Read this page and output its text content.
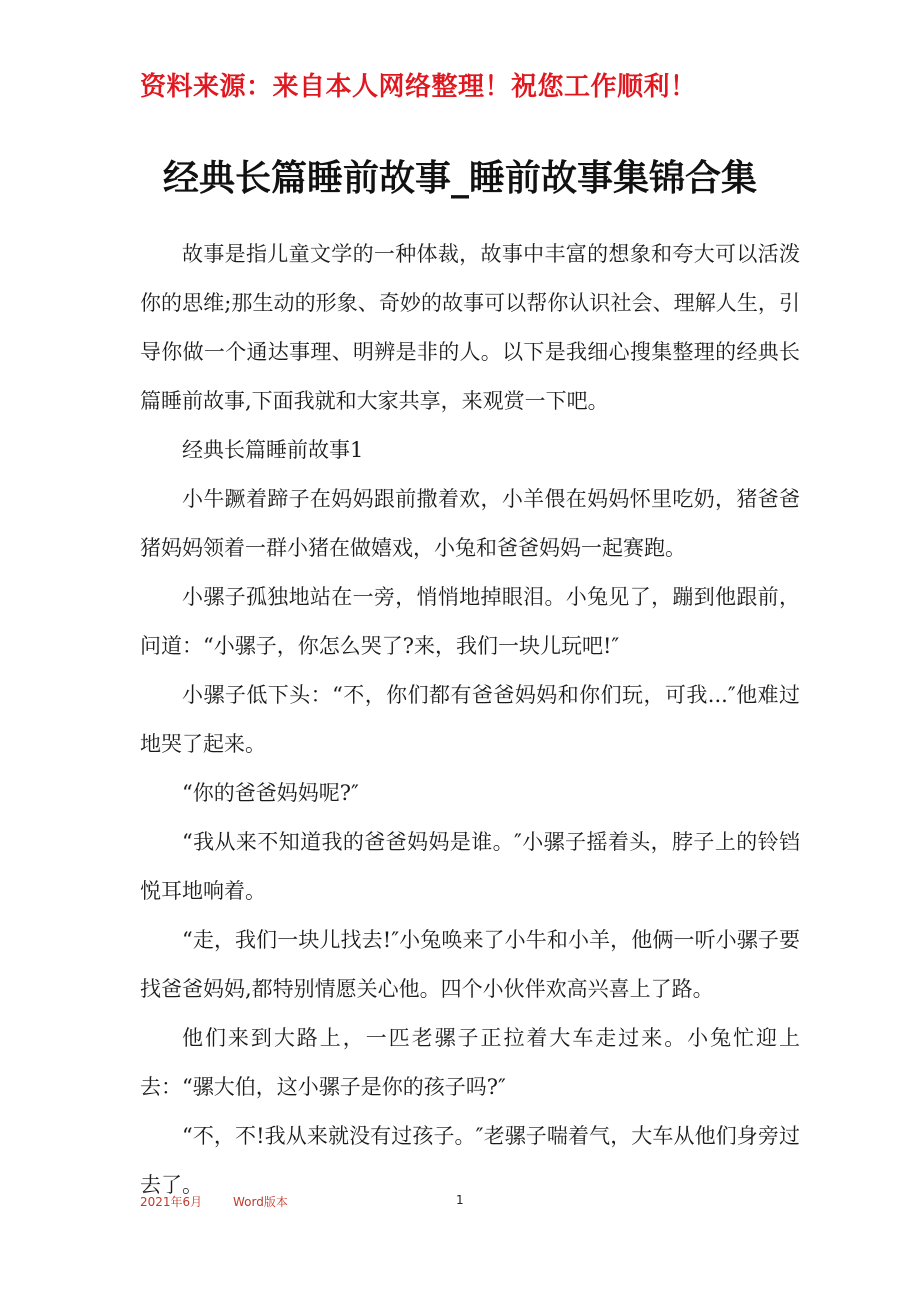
资料来源：来自本人网络整理！祝您工作顺利！
经典长篇睡前故事_睡前故事集锦合集

故事是指儿童文学的一种体裁，故事中丰富的想象和夸大可以活泼你的思维;那生动的形象、奇妙的故事可以帮你认识社会、理解人生，引导你做一个通达事理、明辨是非的人。以下是我细心搜集整理的经典长篇睡前故事,下面我就和大家共享，来观赏一下吧。

经典长篇睡前故事1

小牛蹶着蹄子在妈妈跟前撒着欢，小羊偎在妈妈怀里吃奶，猪爸爸猪妈妈领着一群小猪在做嬉戏，小兔和爸爸妈妈一起赛跑。

小骡子孤独地站在一旁，悄悄地掉眼泪。小兔见了，蹦到他跟前，问道：“小骡子，你怎么哭了?来，我们一块儿玩吧!″

小骡子低下头：“不，你们都有爸爸妈妈和你们玩，可我...″他难过地哭了起来。

“你的爸爸妈妈呢?″

“我从来不知道我的爸爸妈妈是谁。″小骡子摇着头，脖子上的铃铛悦耳地响着。

“走，我们一块儿找去!″小兔唤来了小牛和小羊，他俩一听小骡子要找爸爸妈妈,都特别情愿关心他。四个小伙伴欢高兴喜上了路。

他们来到大路上，一匹老骡子正拉着大车走过来。小兔忙迎上去：“骡大伯，这小骡子是你的孩子吗?″

“不，不!我从来就没有过孩子。″老骡子喘着气，大车从他们身旁过去了。

2021年6月	Word版本	1
